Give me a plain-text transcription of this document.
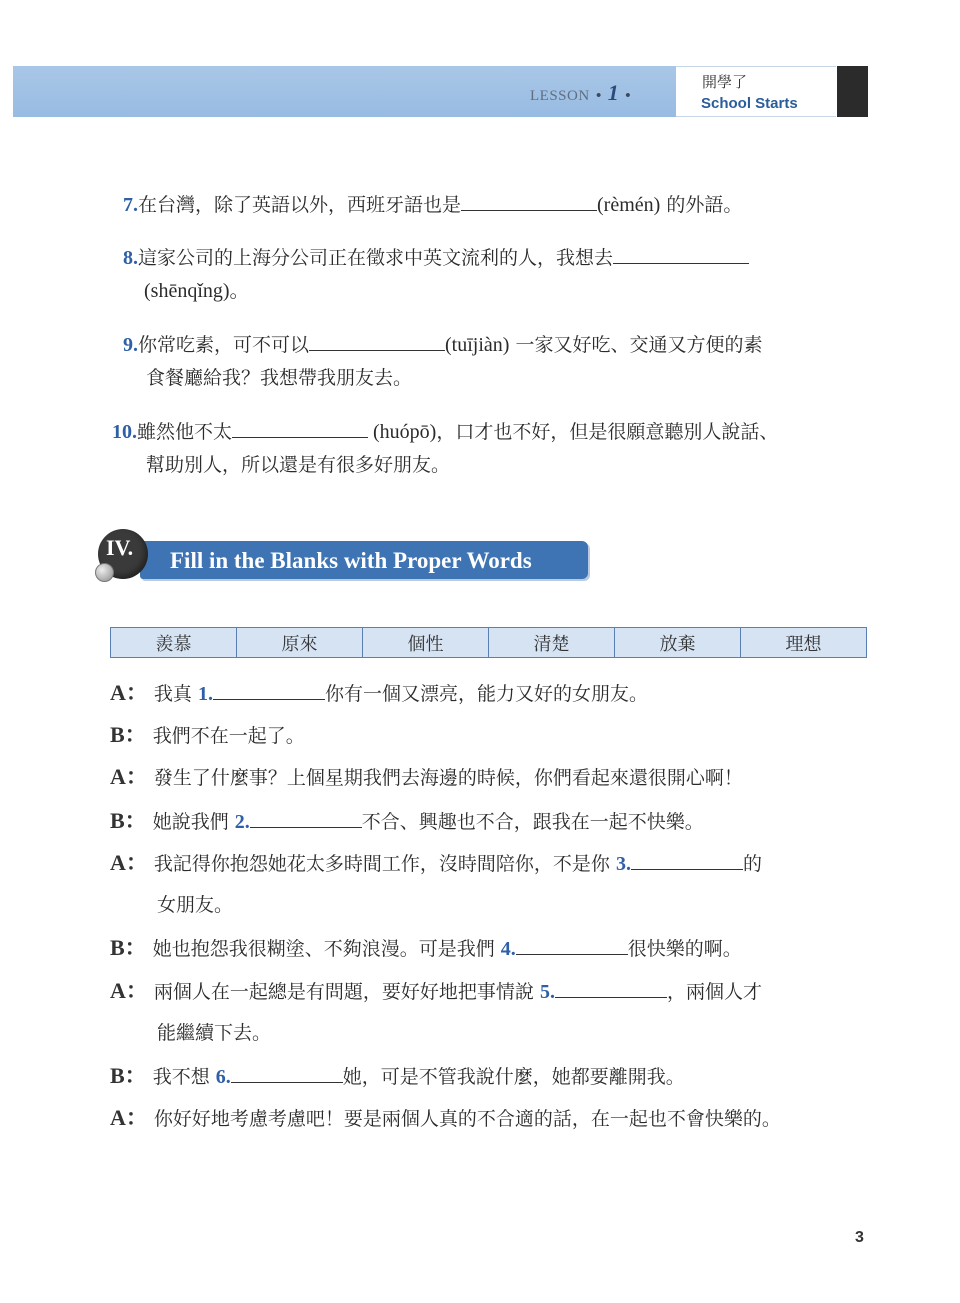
LESSON • 1 •
開學了
School Starts
7.在台灣，除了英語以外，西班牙語也是	(rèmén) 的外語。
8.這家公司的上海分公司正在徵求中英文流利的人，我想去
(shēnqǐng)。
9.你常吃素，可不可以	(tuījiàn) 一家又好吃、交通又方便的素
食餐廳給我？我想帶我朋友去。
10.雖然他不太	(huópō)，口才也不好，但是很願意聽別人說話、
幫助別人，所以還是有很多好朋友。
Fill in the Blanks with Proper Words
IV.
羨慕	原來	個性	清楚	放棄	理想
A： 我真 1.	你有一個又漂亮，能力又好的女朋友。
B： 我們不在一起了。
A： 發生了什麼事？上個星期我們去海邊的時候，你們看起來還很開心啊！
B： 她說我們 2.	不合、興趣也不合，跟我在一起不快樂。
A： 我記得你抱怨她花太多時間工作，沒時間陪你，不是你 3.	的
女朋友。
B： 她也抱怨我很糊塗、不夠浪漫。可是我們 4.	很快樂的啊。
A： 兩個人在一起總是有問題，要好好地把事情說 5.	，兩個人才
能繼續下去。
B： 我不想 6.	她，可是不管我說什麼，她都要離開我。
A： 你好好地考慮考慮吧！要是兩個人真的不合適的話，在一起也不會快樂的。
3
